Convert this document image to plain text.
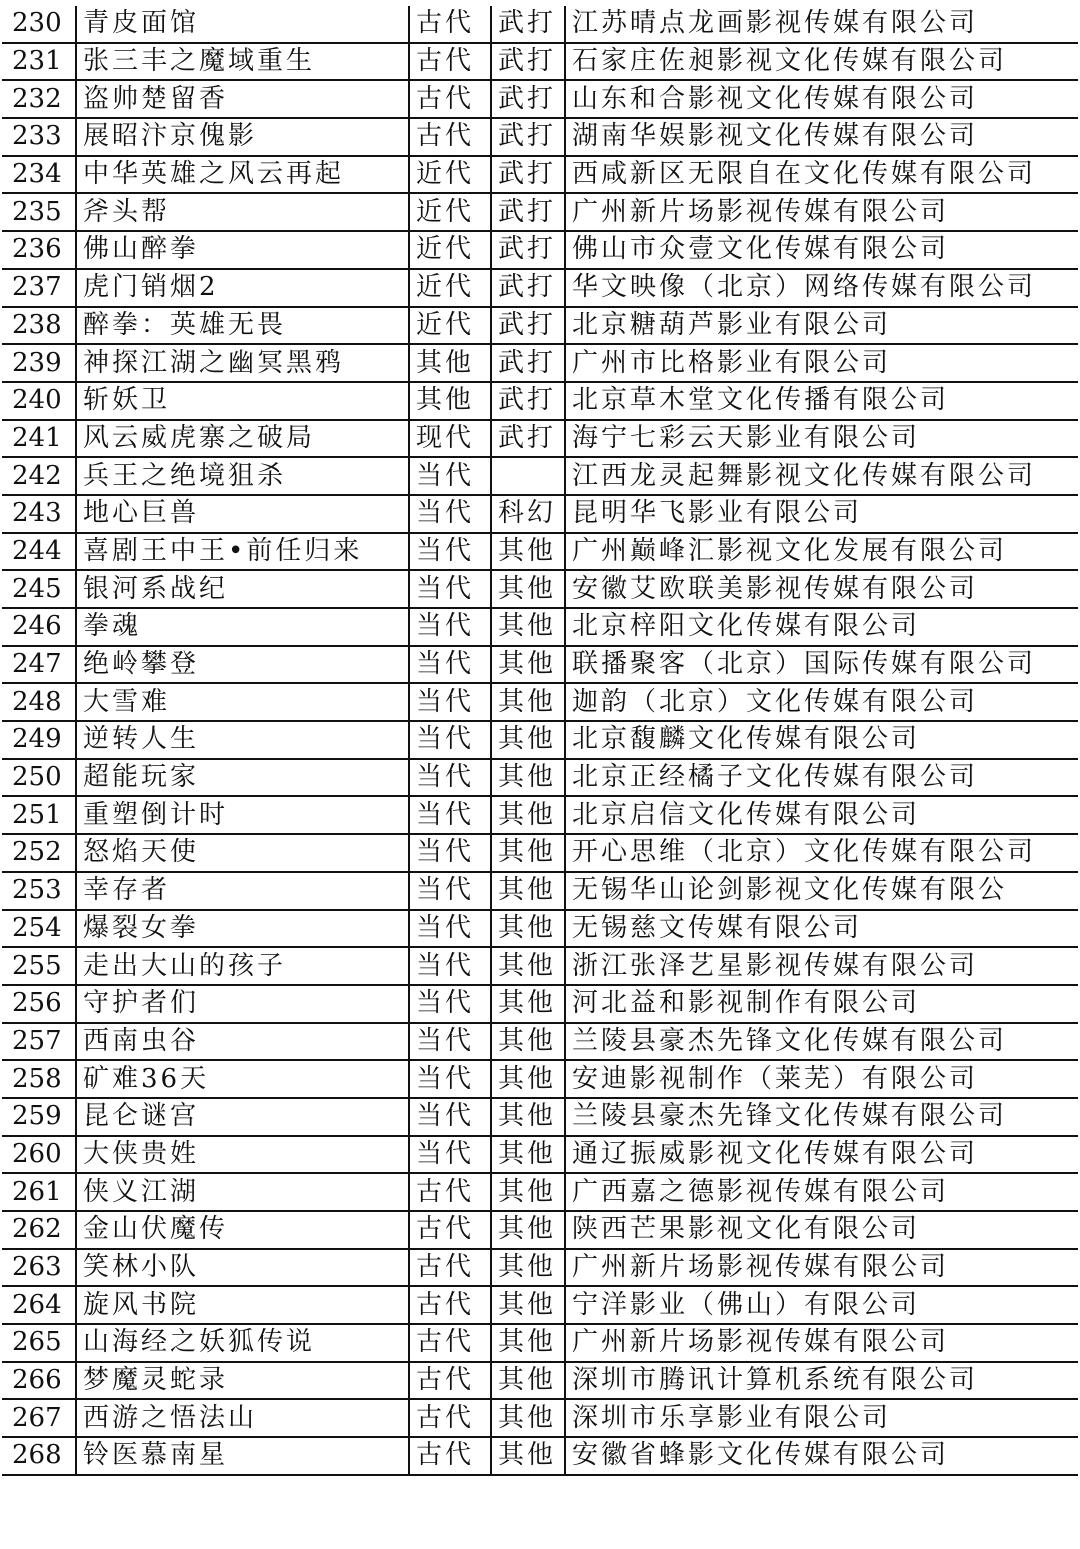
230	青皮面馆	古代	武打	江苏晴点龙画影视传媒有限公司
231	张三丰之魔域重生	古代	武打	石家庄佐昶影视文化传媒有限公司
232	盗帅楚留香	古代	武打	山东和合影视文化传媒有限公司
233	展昭汴京傀影	古代	武打	湖南华娱影视文化传媒有限公司
234	中华英雄之风云再起	近代	武打	西咸新区无限自在文化传媒有限公司
235	斧头帮	近代	武打	广州新片场影视传媒有限公司
236	佛山醉拳	近代	武打	佛山市众壹文化传媒有限公司
237	虎门销烟2	近代	武打	华文映像（北京）网络传媒有限公司
238	醉拳：英雄无畏	近代	武打	北京糖葫芦影业有限公司
239	神探江湖之幽冥黑鸦	其他	武打	广州市比格影业有限公司
240	斩妖卫	其他	武打	北京草木堂文化传播有限公司
241	风云威虎寨之破局	现代	武打	海宁七彩云天影业有限公司
242	兵王之绝境狙杀	当代		江西龙灵起舞影视文化传媒有限公司
243	地心巨兽	当代	科幻	昆明华飞影业有限公司
244	喜剧王中王•前任归来	当代	其他	广州巅峰汇影视文化发展有限公司
245	银河系战纪	当代	其他	安徽艾欧联美影视传媒有限公司
246	拳魂	当代	其他	北京梓阳文化传媒有限公司
247	绝岭攀登	当代	其他	联播聚客（北京）国际传媒有限公司
248	大雪难	当代	其他	迦韵（北京）文化传媒有限公司
249	逆转人生	当代	其他	北京馥麟文化传媒有限公司
250	超能玩家	当代	其他	北京正经橘子文化传媒有限公司
251	重塑倒计时	当代	其他	北京启信文化传媒有限公司
252	怒焰天使	当代	其他	开心思维（北京）文化传媒有限公司
253	幸存者	当代	其他	无锡华山论剑影视文化传媒有限公
254	爆裂女拳	当代	其他	无锡慈文传媒有限公司
255	走出大山的孩子	当代	其他	浙江张泽艺星影视传媒有限公司
256	守护者们	当代	其他	河北益和影视制作有限公司
257	西南虫谷	当代	其他	兰陵县豪杰先锋文化传媒有限公司
258	矿难36天	当代	其他	安迪影视制作（莱芜）有限公司
259	昆仑谜宫	当代	其他	兰陵县豪杰先锋文化传媒有限公司
260	大侠贵姓	当代	其他	通辽振威影视文化传媒有限公司
261	侠义江湖	古代	其他	广西嘉之德影视传媒有限公司
262	金山伏魔传	古代	其他	陕西芒果影视文化有限公司
263	笑林小队	古代	其他	广州新片场影视传媒有限公司
264	旋风书院	古代	其他	宁洋影业（佛山）有限公司
265	山海经之妖狐传说	古代	其他	广州新片场影视传媒有限公司
266	梦魔灵蛇录	古代	其他	深圳市腾讯计算机系统有限公司
267	西游之悟法山	古代	其他	深圳市乐享影业有限公司
268	铃医慕南星	古代	其他	安徽省蜂影文化传媒有限公司
